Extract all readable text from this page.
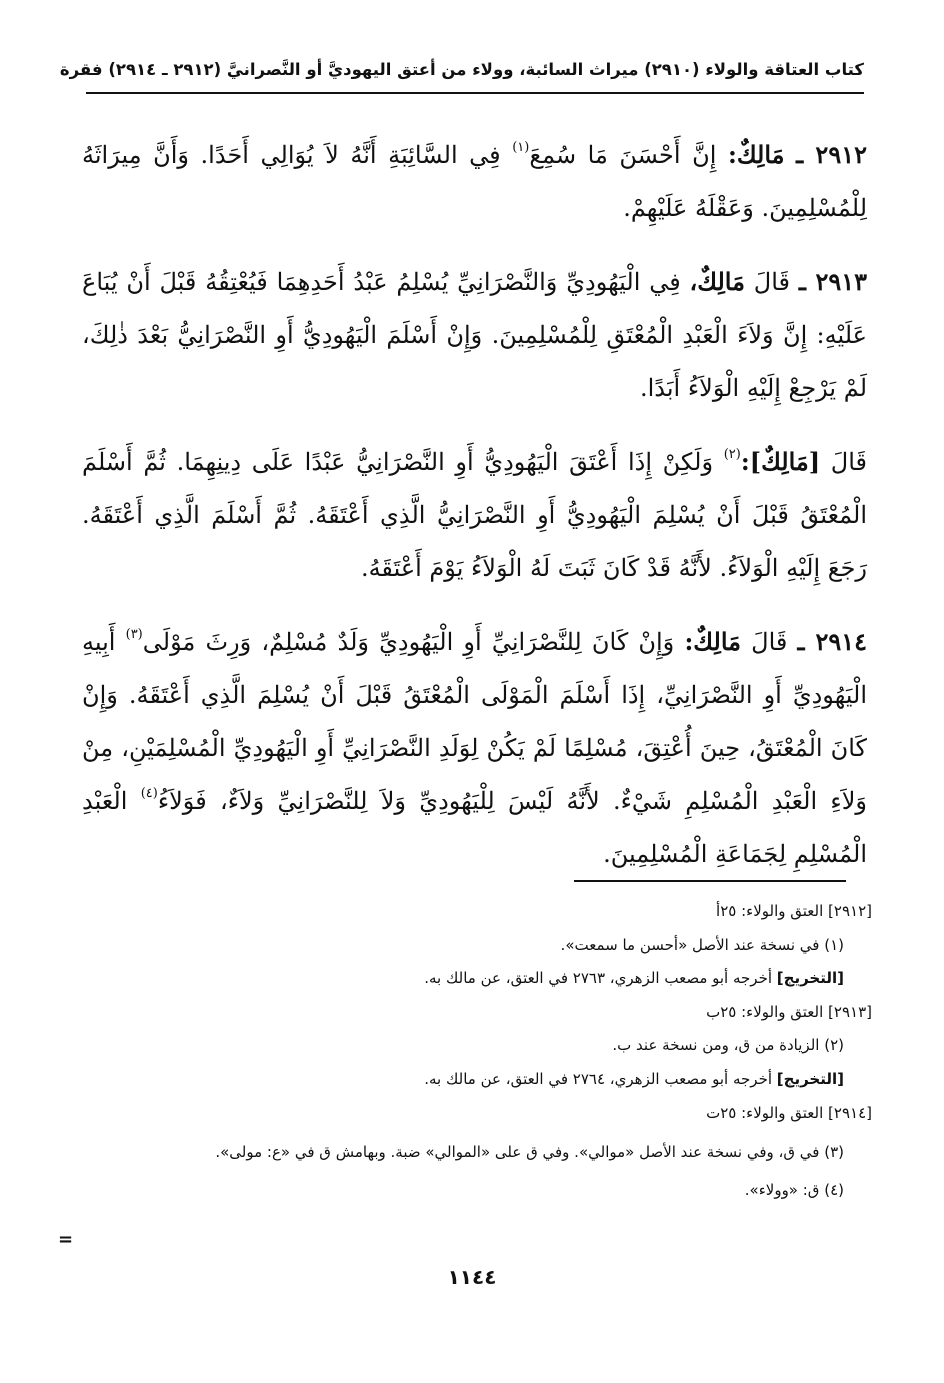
كتاب العتاقة والولاء (٢٩١٠) ميراث السائبة، وولاء من أعتق اليهوديَّ أو النَّصرانيَّ (٢٩١٢ ـ ٢٩١٤) فقرة

٢٩١٢ ـ مَالِكٌ: إِنَّ أَحْسَنَ مَا سُمِعَ$^{(١)}$ فِي السَّائِبَةِ أَنَّهُ لاَ يُوَالِي أَحَدًا. وَأَنَّ مِيرَاثَهُ لِلْمُسْلِمِينَ. وَعَقْلَهُ عَلَيْهِمْ.

٢٩١٣ ـ قَالَ مَالِكٌ، فِي الْيَهُودِيِّ وَالنَّصْرَانِيِّ يُسْلِمُ عَبْدُ أَحَدِهِمَا فَيُعْتِقُهُ قَبْلَ أَنْ يُبَاعَ عَلَيْهِ: إِنَّ وَلاَءَ الْعَبْدِ الْمُعْتَقِ لِلْمُسْلِمِينَ. وَإِنْ أَسْلَمَ الْيَهُودِيُّ أَوِ النَّصْرَانِيُّ بَعْدَ ذٰلِكَ، لَمْ يَرْجِعْ إِلَيْهِ الْوَلاَءُ أَبَدًا.

قَالَ [مَالِكٌ]:$^{(٢)}$ وَلَكِنْ إِذَا أَعْتَقَ الْيَهُودِيُّ أَوِ النَّصْرَانِيُّ عَبْدًا عَلَى دِينِهِمَا. ثُمَّ أَسْلَمَ الْمُعْتَقُ قَبْلَ أَنْ يُسْلِمَ الْيَهُودِيُّ أَوِ النَّصْرَانِيُّ الَّذِي أَعْتَقَهُ. ثُمَّ أَسْلَمَ الَّذِي أَعْتَقَهُ. رَجَعَ إِلَيْهِ الْوَلاَءُ. لأَنَّهُ قَدْ كَانَ ثَبَتَ لَهُ الْوَلاَءُ يَوْمَ أَعْتَقَهُ.

٢٩١٤ ـ قَالَ مَالِكٌ: وَإِنْ كَانَ لِلنَّصْرَانِيِّ أَوِ الْيَهُودِيِّ وَلَدٌ مُسْلِمٌ، وَرِثَ مَوْلَى$^{(٣)}$ أَبِيهِ الْيَهُودِيِّ أَوِ النَّصْرَانِيِّ، إِذَا أَسْلَمَ الْمَوْلَى الْمُعْتَقُ قَبْلَ أَنْ يُسْلِمَ الَّذِي أَعْتَقَهُ. وَإِنْ كَانَ الْمُعْتَقُ، حِينَ أُعْتِقَ، مُسْلِمًا لَمْ يَكُنْ لِوَلَدِ النَّصْرَانِيِّ أَوِ الْيَهُودِيِّ الْمُسْلِمَيْنِ، مِنْ وَلاَءِ الْعَبْدِ الْمُسْلِمِ شَيْءٌ. لأَنَّهُ لَيْسَ لِلْيَهُودِيِّ وَلاَ لِلنَّصْرَانِيِّ وَلاَءٌ، فَوَلاَءُ$^{(٤)}$ الْعَبْدِ الْمُسْلِمِ لِجَمَاعَةِ الْمُسْلِمِينَ.

[٢٩١٢] العتق والولاء: ٢٥أ

(١) في نسخة عند الأصل «أحسن ما سمعت».

[التخريج] أخرجه أبو مصعب الزهري، ٢٧٦٣ في العتق، عن مالك به.

[٢٩١٣] العتق والولاء: ٢٥ب

(٢) الزيادة من ق، ومن نسخة عند ب.

[التخريج] أخرجه أبو مصعب الزهري، ٢٧٦٤ في العتق، عن مالك به.

[٢٩١٤] العتق والولاء: ٢٥ت

(٣) في ق، وفي نسخة عند الأصل «موالي». وفي ق على «الموالي» ضبة. وبهامش ق في «ع: مولى».

(٤) ق: «وولاء».

=
١١٤٤
